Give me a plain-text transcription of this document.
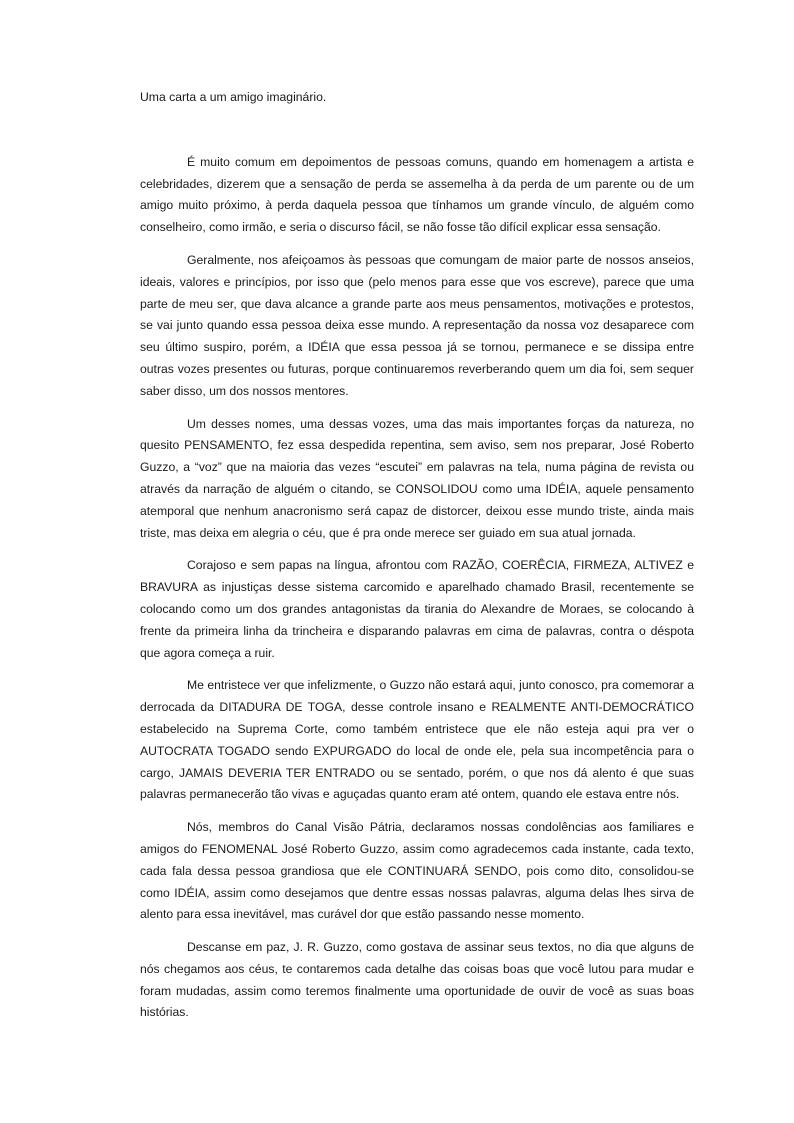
Uma carta a um amigo imaginário.

É muito comum em depoimentos de pessoas comuns, quando em homenagem a artista e celebridades, dizerem que a sensação de perda se assemelha à da perda de um parente ou de um amigo muito próximo, à perda daquela pessoa que tínhamos um grande vínculo, de alguém como conselheiro, como irmão, e seria o discurso fácil, se não fosse tão difícil explicar essa sensação.

Geralmente, nos afeiçoamos às pessoas que comungam de maior parte de nossos anseios, ideais, valores e princípios, por isso que (pelo menos para esse que vos escreve), parece que uma parte de meu ser, que dava alcance a grande parte aos meus pensamentos, motivações e protestos, se vai junto quando essa pessoa deixa esse mundo. A representação da nossa voz desaparece com seu último suspiro, porém, a IDÉIA que essa pessoa já se tornou, permanece e se dissipa entre outras vozes presentes ou futuras, porque continuaremos reverberando quem um dia foi, sem sequer saber disso, um dos nossos mentores.

Um desses nomes, uma dessas vozes, uma das mais importantes forças da natureza, no quesito PENSAMENTO, fez essa despedida repentina, sem aviso, sem nos preparar, José Roberto Guzzo, a “voz” que na maioria das vezes “escutei” em palavras na tela, numa página de revista ou através da narração de alguém o citando, se CONSOLIDOU como uma IDÉIA, aquele pensamento atemporal que nenhum anacronismo será capaz de distorcer, deixou esse mundo triste, ainda mais triste, mas deixa em alegria o céu, que é pra onde merece ser guiado em sua atual jornada.

Corajoso e sem papas na língua, afrontou com RAZÃO, COERÊCIA, FIRMEZA, ALTIVEZ e BRAVURA as injustiças desse sistema carcomido e aparelhado chamado Brasil, recentemente se colocando como um dos grandes antagonistas da tirania do Alexandre de Moraes, se colocando à frente da primeira linha da trincheira e disparando palavras em cima de palavras, contra o déspota que agora começa a ruir.

Me entristece ver que infelizmente, o Guzzo não estará aqui, junto conosco, pra comemorar a derrocada da DITADURA DE TOGA, desse controle insano e REALMENTE ANTI-DEMOCRÁTICO estabelecido na Suprema Corte, como também entristece que ele não esteja aqui pra ver o AUTOCRATA TOGADO sendo EXPURGADO do local de onde ele, pela sua incompetência para o cargo, JAMAIS DEVERIA TER ENTRADO ou se sentado, porém, o que nos dá alento é que suas palavras permanecerão tão vivas e aguçadas quanto eram até ontem, quando ele estava entre nós.

Nós, membros do Canal Visão Pátria, declaramos nossas condolências aos familiares e amigos do FENOMENAL José Roberto Guzzo, assim como agradecemos cada instante, cada texto, cada fala dessa pessoa grandiosa que ele CONTINUARÁ SENDO, pois como dito, consolidou-se como IDÉIA, assim como desejamos que dentre essas nossas palavras, alguma delas lhes sirva de alento para essa inevitável, mas curável dor que estão passando nesse momento.

Descanse em paz, J. R. Guzzo, como gostava de assinar seus textos, no dia que alguns de nós chegamos aos céus, te contaremos cada detalhe das coisas boas que você lutou para mudar e foram mudadas, assim como teremos finalmente uma oportunidade de ouvir de você as suas boas histórias.
